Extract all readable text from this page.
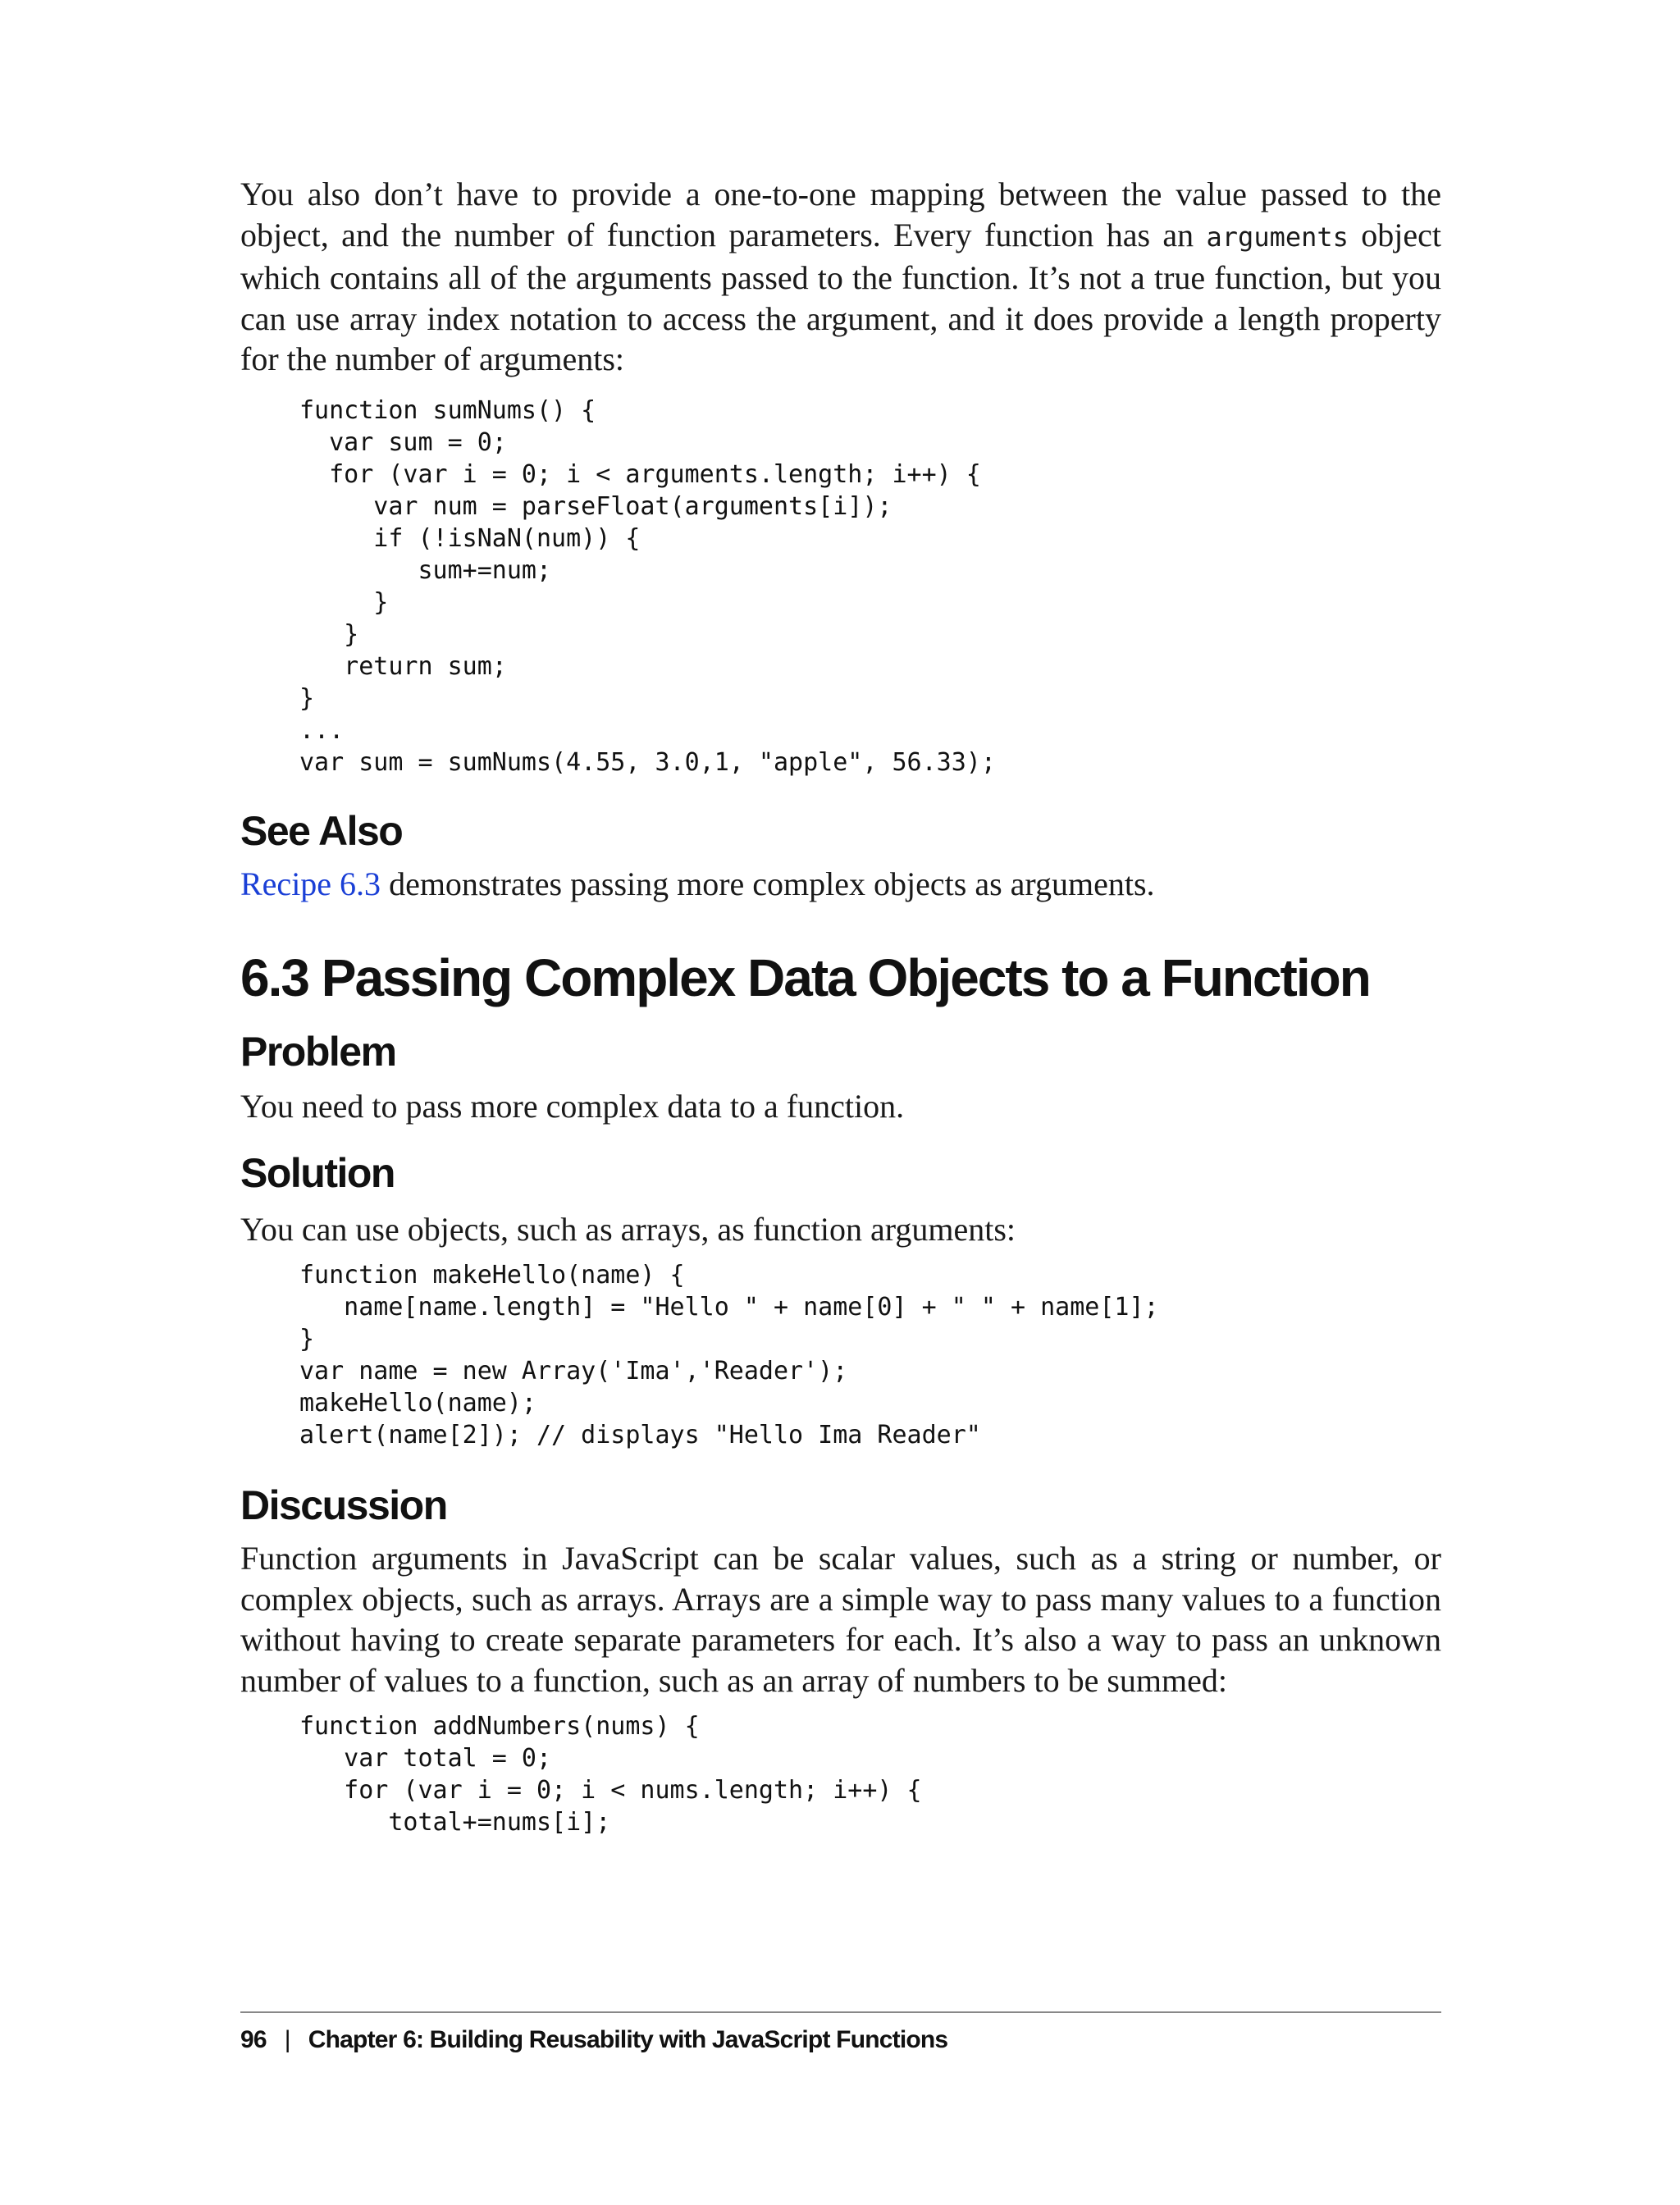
You also don’t have to provide a one-to-one mapping between the value passed to the object, and the number of function parameters. Every function has an arguments object which contains all of the arguments passed to the function. It’s not a true function, but you can use array index notation to access the argument, and it does provide a length property for the number of arguments:

function sumNums() {
var sum = 0;
for (var i = 0; i < arguments.length; i++) {
var num = parseFloat(arguments[i]);
if (!isNaN(num)) {
sum+=num;
}
}
return sum;
}
...
var sum = sumNums(4.55, 3.0,1, "apple", 56.33);
See Also

Recipe 6.3 demonstrates passing more complex objects as arguments.

6.3 Passing Complex Data Objects to a Function
Problem

You need to pass more complex data to a function.

Solution

You can use objects, such as arrays, as function arguments:

function makeHello(name) {
name[name.length] = "Hello " + name[0] + " " + name[1];
}
var name = new Array('Ima','Reader');
makeHello(name);
alert(name[2]); // displays "Hello Ima Reader"
Discussion

Function arguments in JavaScript can be scalar values, such as a string or number, or complex objects, such as arrays. Arrays are a simple way to pass many values to a function without having to create separate parameters for each. It’s also a way to pass an unknown number of values to a function, such as an array of numbers to be summed:

function addNumbers(nums) {
var total = 0;
for (var i = 0; i < nums.length; i++) {
total+=nums[i];
96 | Chapter 6: Building Reusability with JavaScript Functions
